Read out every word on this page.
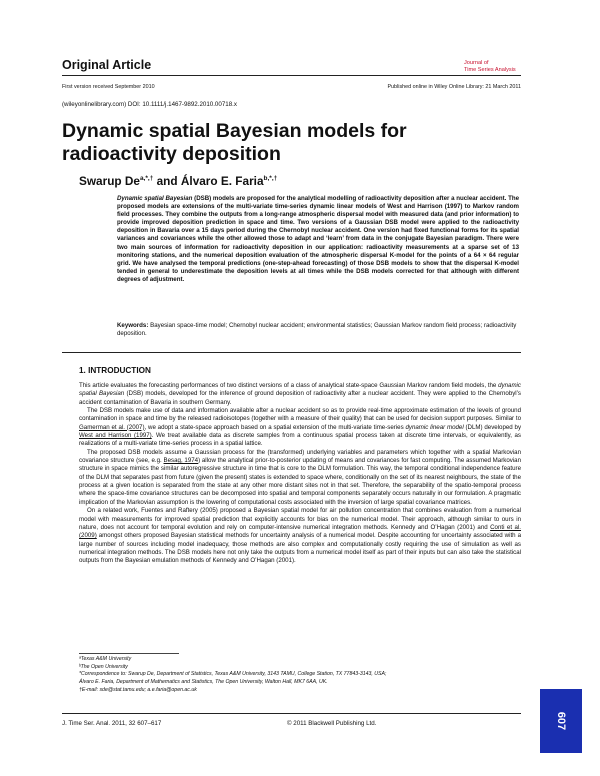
Original Article	Journal of
Time Series Analysis
First version received September 2010	Published online in Wiley Online Library: 21 March 2011
(wileyonlinelibrary.com) DOI: 10.1111/j.1467-9892.2010.00718.x
Dynamic spatial Bayesian models for radioactivity deposition
Swarup $De^{a,*,\dagger}$ and Álvaro E. Faria$^{b,*,\dagger}$
Dynamic spatial Bayesian (DSB) models are proposed for the analytical modelling of radioactivity deposition after a nuclear accident. The proposed models are extensions of the multi-variate time-series dynamic linear models of West and Harrison (1997) to Markov random field processes. They combine the outputs from a long-range atmospheric dispersal model with measured data (and prior information) to provide improved deposition prediction in space and time. Two versions of a Gaussian DSB model were applied to the radioactivity deposition in Bavaria over a 15 days period during the Chernobyl nuclear accident. One version had fixed functional forms for its spatial variances and covariances while the other allowed those to adapt and ‘learn’ from data in the conjugate Bayesian paradigm. There were two main sources of information for radioactivity deposition in our application: radioactivity measurements at a sparse set of 13 monitoring stations, and the numerical deposition evaluation of the atmospheric dispersal K-model for the points of a 64 × 64 regular grid. We have analysed the temporal predictions (one-step-ahead forecasting) of those DSB models to show that the dispersal K-model tended in general to underestimate the deposition levels at all times while the DSB models corrected for that although with different degrees of adjustment.
Keywords: Bayesian space-time model; Chernobyl nuclear accident; environmental statistics; Gaussian Markov random field process; radioactivity deposition.
1. INTRODUCTION

This article evaluates the forecasting performances of two distinct versions of a class of analytical state-space Gaussian Markov random field models, the dynamic spatial Bayesian (DSB) models, developed for the inference of ground deposition of radioactivity after a nuclear accident. They were applied to the Chernobyl’s accident contamination of Bavaria in southern Germany.

The DSB models make use of data and information available after a nuclear accident so as to provide real-time approximate estimation of the levels of ground contamination in space and time by the released radioisotopes (together with a measure of their quality) that can be used for decision support purposes. Similar to Gamerman et al. (2007), we adopt a state-space approach based on a spatial extension of the multi-variate time-series dynamic linear model (DLM) developed by West and Harrison (1997). We treat available data as discrete samples from a continuous spatial process taken at discrete time intervals, or equivalently, as realizations of a multi-variate time-series process in a spatial lattice.

The proposed DSB models assume a Gaussian process for the (transformed) underlying variables and parameters which together with a spatial Markovian covariance structure (see, e.g. Besag, 1974) allow the analytical prior-to-posterior updating of means and covariances for fast computing. The assumed Markovian structure in space mimics the similar autoregressive structure in time that is core to the DLM formulation. This way, the temporal conditional independence feature of the DLM that separates past from future (given the present) states is extended to space where, conditionally on the set of its nearest neighbours, the state of the process at a given location is separated from the state at any other more distant sites not in that set. Therefore, the separability of the spatio-temporal process where the space-time covariance structures can be decomposed into spatial and temporal components separately occurs naturally in our formulation. A pragmatic implication of the Markovian assumption is the lowering of computational costs associated with the inversion of large spatial covariance matrices.

On a related work, Fuentes and Raftery (2005) proposed a Bayesian spatial model for air pollution concentration that combines evaluation from a numerical model with measurements for improved spatial prediction that explicitly accounts for bias on the numerical model. Their approach, although similar to ours in nature, does not account for temporal evolution and rely on computer-intensive numerical integration methods. Kennedy and O’Hagan (2001) and Conti et al. (2009) amongst others proposed Bayesian statistical methods for uncertainty analysis of a numerical model. Despite accounting for uncertainty associated with a large number of sources including model inadequacy, those methods are also complex and computationally costly requiring the use of simulation as well as numerical integration methods. The DSB models here not only take the outputs from a numerical model itself as part of their inputs but can also take the statistical outputs from the Bayesian emulation methods of Kennedy and O’Hagan (2001).

ᵃTexas A&M University
ᵇThe Open University
*Correspondence to: Swarup De, Department of Statistics, Texas A&M University, 3143 TAMU, College Station, TX 77843-3143, USA;
Álvaro E. Faria, Department of Mathematics and Statistics, The Open University, Walton Hall, MK7 6AA, UK.
†E-mail: sde@stat.tamu.edu; a.e.faria@open.ac.uk
J. Time Ser. Anal. 2011, 32 607–617	© 2011 Blackwell Publishing Ltd.	607
